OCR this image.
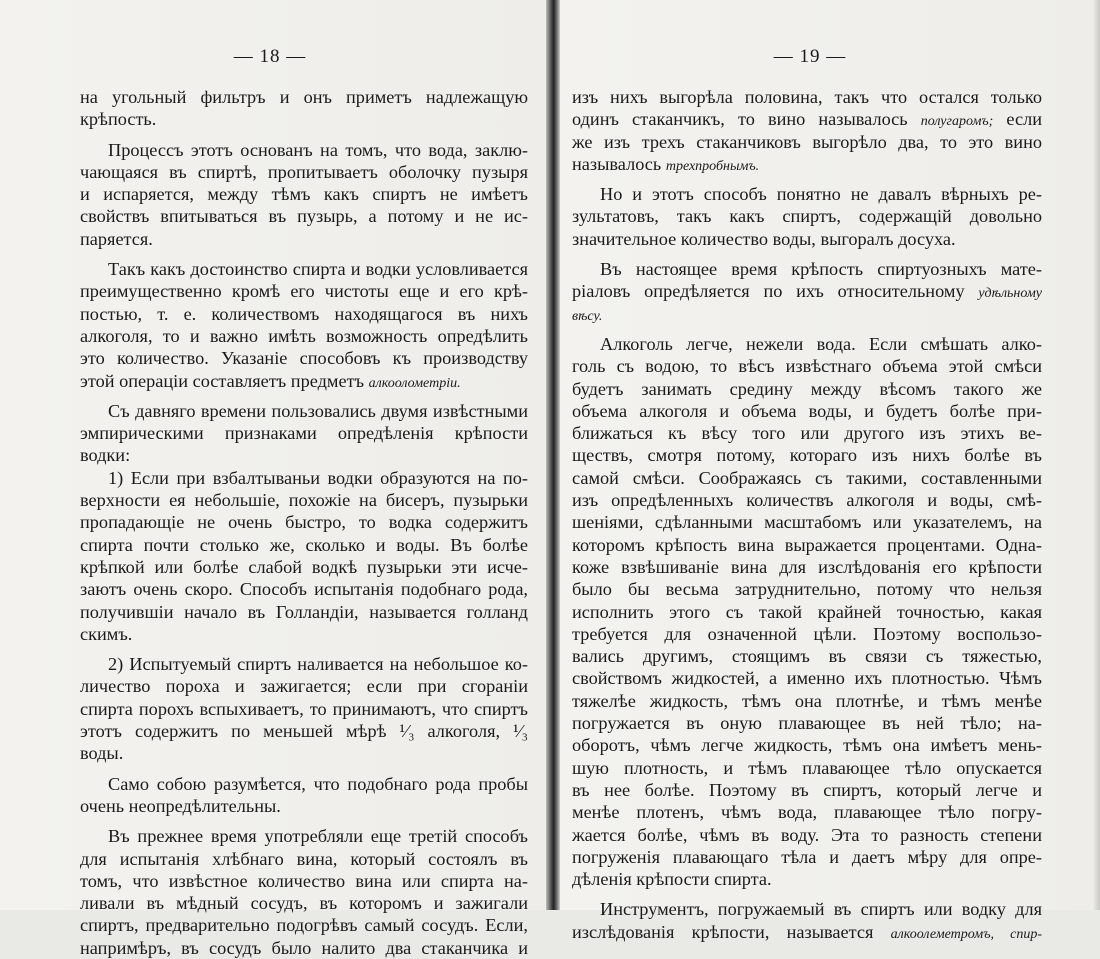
— 18 —
на угольный фильтръ и онъ приметъ надлежащую
крѣпость.
Процессъ этотъ основанъ на томъ, что вода, заклю-
чающаяся въ спиртѣ, пропитываетъ оболочку пузыря
и испаряется, между тѣмъ какъ спиртъ не имѣетъ
свойствъ впитываться въ пузырь, а потому и не ис-
паряется.
Такъ какъ достоинство спирта и водки условливается
преимущественно кромѣ его чистоты еще и его крѣ-
постью, т. е. количествомъ находящагося въ нихъ
алкоголя, то и важно имѣть возможность опредѣлить
это количество. Указаніе способовъ къ производству
этой операціи составляетъ предметъ алкоолометріи.
Съ давняго времени пользовались двумя извѣстными
эмпирическими признаками опредѣленія крѣпости
водки:
1) Если при взбалтываньи водки образуются на по-
верхности ея небольшіе, похожіе на бисеръ, пузырьки
пропадающіе не очень быстро, то водка содержитъ
спирта почти столько же, сколько и воды. Въ болѣе
крѣпкой или болѣе слабой водкѣ пузырьки эти исче-
заютъ очень скоро. Способъ испытанія подобнаго рода,
получившіи начало въ Голландіи, называется голланд
скимъ.
2) Испытуемый спиртъ наливается на небольшое ко-
личество пороха и зажигается; если при сгораніи
спирта порохъ вспыхиваетъ, то принимаютъ, что спиртъ
этотъ содержитъ по меньшей мѣрѣ ¹⁄₃ алкоголя, ¹⁄₃
воды.
Само собою разумѣется, что подобнаго рода пробы
очень неопредѣлительны.
Въ прежнее время употребляли еще третій способъ
для испытанія хлѣбнаго вина, который состоялъ въ
томъ, что извѣстное количество вина или спирта на-
ливали въ мѣдный сосудъ, въ которомъ и зажигали
спиртъ, предварительно подогрѣвъ самый сосудъ. Если,
напримѣръ, въ сосудъ было налито два стаканчика и
— 19 —
изъ нихъ выгорѣла половина, такъ что остался только
одинъ стаканчикъ, то вино называлось полугаромъ; если
же изъ трехъ стаканчиковъ выгорѣло два, то это вино
называлось трехпробнымъ.
Но и этотъ способъ понятно не давалъ вѣрныхъ ре-
зультатовъ, такъ какъ спиртъ, содержащій довольно
значительное количество воды, выгоралъ досуха.
Въ настоящее время крѣпость спиртуозныхъ мате-
ріаловъ опредѣляется по ихъ относительному удѣльному
вѣсу.
Алкоголь легче, нежели вода. Если смѣшать алко-
голь съ водою, то вѣсъ извѣстнаго объема этой смѣси
будетъ занимать средину между вѣсомъ такого же
объема алкоголя и объема воды, и будетъ болѣе при-
ближаться къ вѣсу того или другого изъ этихъ ве-
ществъ, смотря потому, котораго изъ нихъ болѣе въ
самой смѣси. Соображаясь съ такими, составленными
изъ опредѣленныхъ количествъ алкоголя и воды, смѣ-
шеніями, сдѣланными масштабомъ или указателемъ, на
которомъ крѣпость вина выражается процентами. Одна-
коже взвѣшиваніе вина для изслѣдованія его крѣпости
было бы весьма затруднительно, потому что нельзя
исполнить этого съ такой крайней точностью, какая
требуется для означенной цѣли. Поэтому воспользо-
вались другимъ, стоящимъ въ связи съ тяжестью,
свойствомъ жидкостей, а именно ихъ плотностью. Чѣмъ
тяжелѣе жидкость, тѣмъ она плотнѣе, и тѣмъ менѣе
погружается въ оную плавающее въ ней тѣло; на-
оборотъ, чѣмъ легче жидкость, тѣмъ она имѣетъ мень-
шую плотность, и тѣмъ плавающее тѣло опускается
въ нее болѣе. Поэтому въ спиртъ, который легче и
менѣе плотенъ, чѣмъ вода, плавающее тѣло погру-
жается болѣе, чѣмъ въ воду. Эта то разность степени
погруженія плавающаго тѣла и даетъ мѣру для опре-
дѣленія крѣпости спирта.
Инструментъ, погружаемый въ спиртъ или водку для
изслѣдованія крѣпости, называется алкоолеметромъ, спир-
